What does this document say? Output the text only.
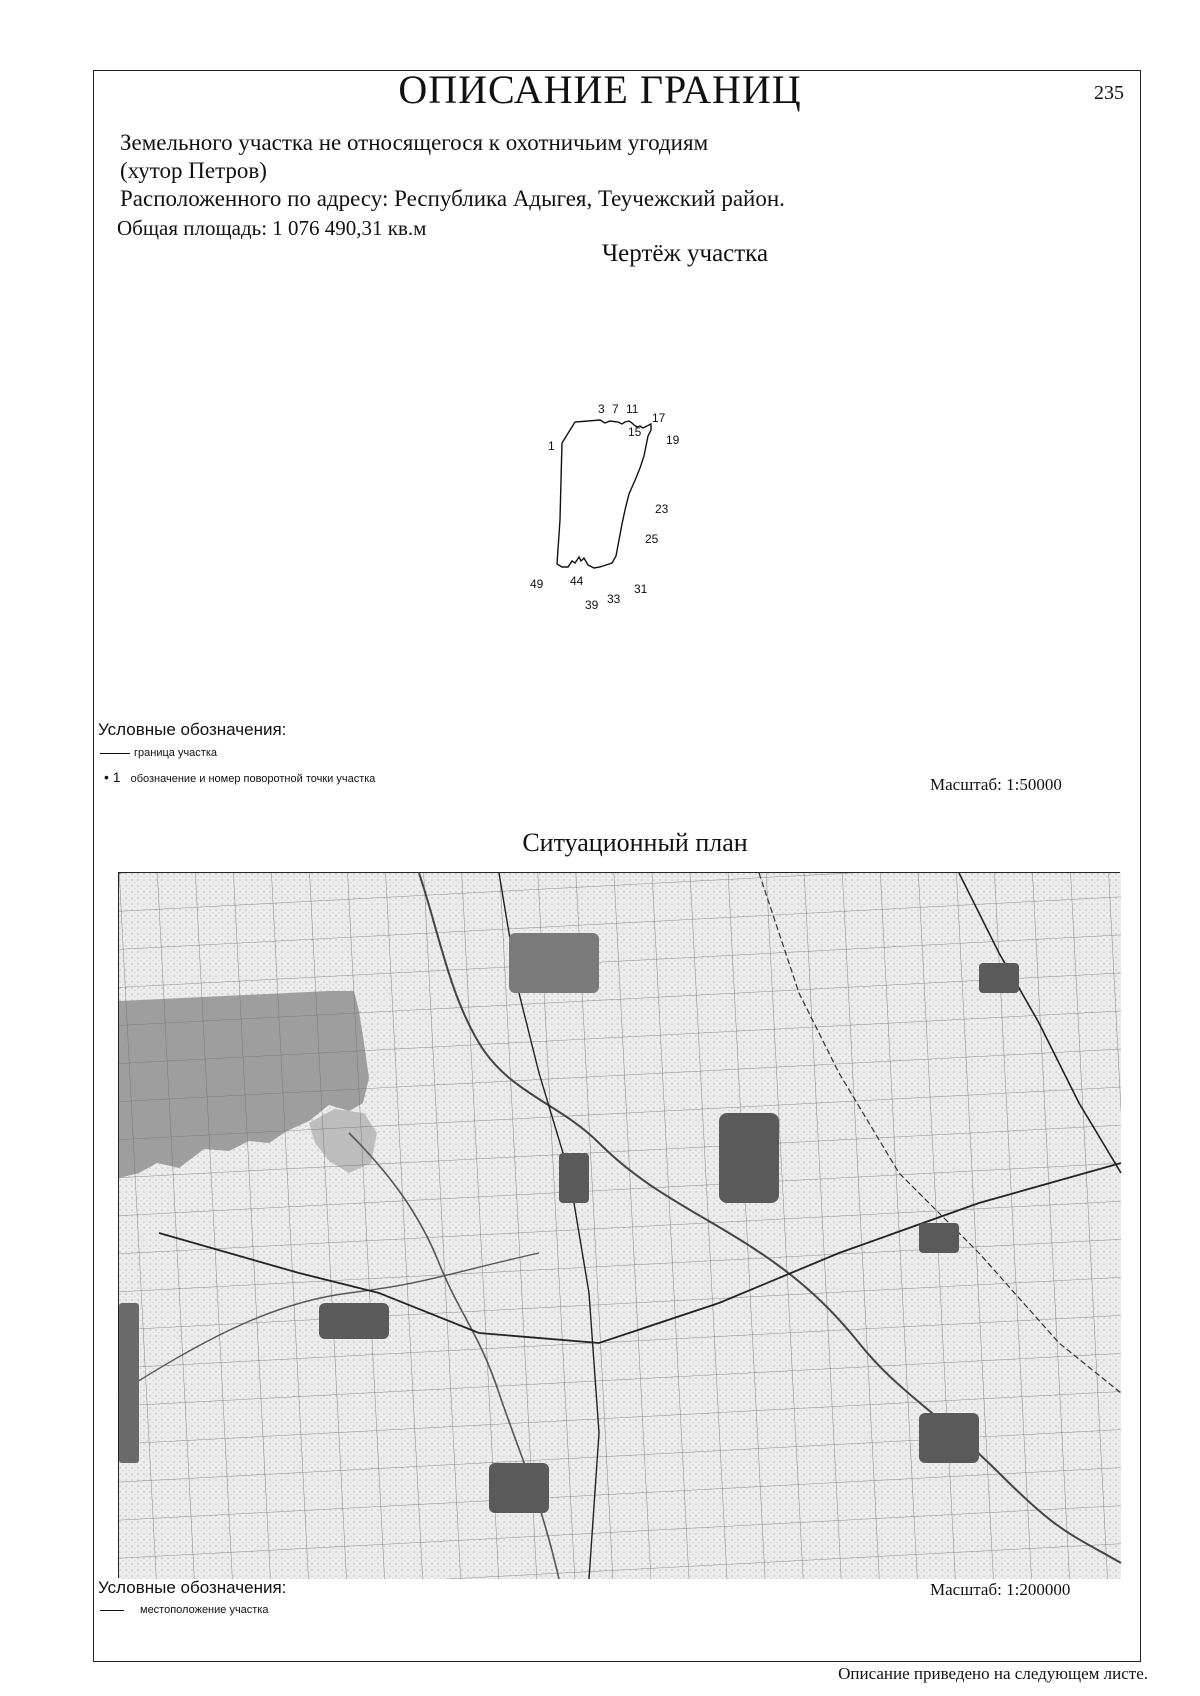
ОПИСАНИЕ ГРАНИЦ	235
Земельного участка не относящегося к охотничьим угодиям
(хутор Петров)
Расположенного по адресу: Республика Адыгея, Теучежский район.
Общая площадь: 1 076 490,31 кв.м
Чертёж участка
1
3 7 11
15
17
19
23
25
31
33
39
44
49
Условные обозначения:
граница участка
• 1 обозначение и номер поворотной точки участка	Масштаб: 1:50000
Ситуационный план
Условные обозначения:
местоположение участка
Масштаб: 1:200000
Описание приведено на следующем листе.
